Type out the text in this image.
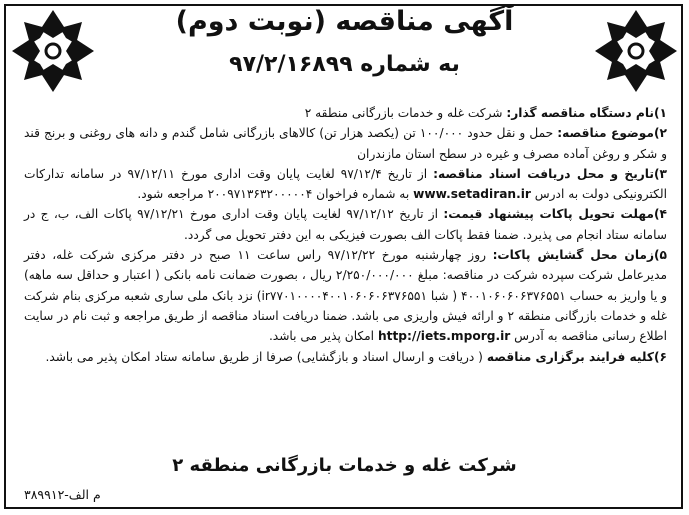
آگهی مناقصه (نوبت دوم)
به شماره ۹۷/۲/۱۶۸۹۹

۱)نام دستگاه مناقصه گذار: شرکت غله و خدمات بازرگانی منطقه ۲

۲)موضوع مناقصه: حمل و نقل حدود ۱۰۰/۰۰۰ تن (یکصد هزار تن) کالاهای بازرگانی شامل گندم و دانه های روغنی و برنج قند و شکر و روغن آماده مصرف و غیره در سطح استان مازندران

۳)تاریخ و محل دریافت اسناد مناقصه: از تاریخ ۹۷/۱۲/۴ لغایت پایان وقت اداری مورخ ۹۷/۱۲/۱۱ در سامانه تدارکات الکترونیکی دولت به ادرس www.setadiran.ir به شماره فراخوان ۲۰۰۹۷۱۳۶۳۲۰۰۰۰۰۴ مراجعه شود.

۴)مهلت تحویل پاکات پیشنهاد قیمت: از تاریخ ۹۷/۱۲/۱۲ لغایت پایان وقت اداری مورخ ۹۷/۱۲/۲۱ پاکات الف، ب، ج در سامانه ستاد انجام می پذیرد. ضمنا فقط پاکات الف بصورت فیزیکی به این دفتر تحویل می گردد.

۵)زمان محل گشایش پاکات: روز چهارشنبه مورخ ۹۷/۱۲/۲۲ راس ساعت ۱۱ صبح در دفتر مرکزی شرکت غله، دفتر مدیرعامل شرکت سپرده شرکت در مناقصه: مبلغ ۲/۲۵۰/۰۰۰/۰۰۰ ریال ، بصورت ضمانت نامه بانکی ( اعتبار و حداقل سه ماهه) و یا واریز به حساب ۴۰۰۱۰۶۰۶۰۶۳۷۶۵۵۱ ( شبا ir۷۷۰۱۰۰۰۰۴۰۰۱۰۶۰۶۰۶۳۷۶۵۵۱) نزد بانک ملی ساری شعبه مرکزی بنام شرکت غله و خدمات بازرگانی منطقه ۲ و ارائه فیش واریزی می باشد. ضمنا دریافت اسناد مناقصه از طریق مراجعه و ثبت نام در سایت اطلاع رسانی مناقصه به آدرس http://iets.mporg.ir امکان پذیر می باشد.

۶)کلیه فرایند برگزاری مناقصه ( دریافت و ارسال اسناد و بازگشایی) صرفا از طریق سامانه ستاد امکان پذیر می باشد.

شرکت غله و خدمات بازرگانی منطقه ۲
م الف-۳۸۹۹۱۲
